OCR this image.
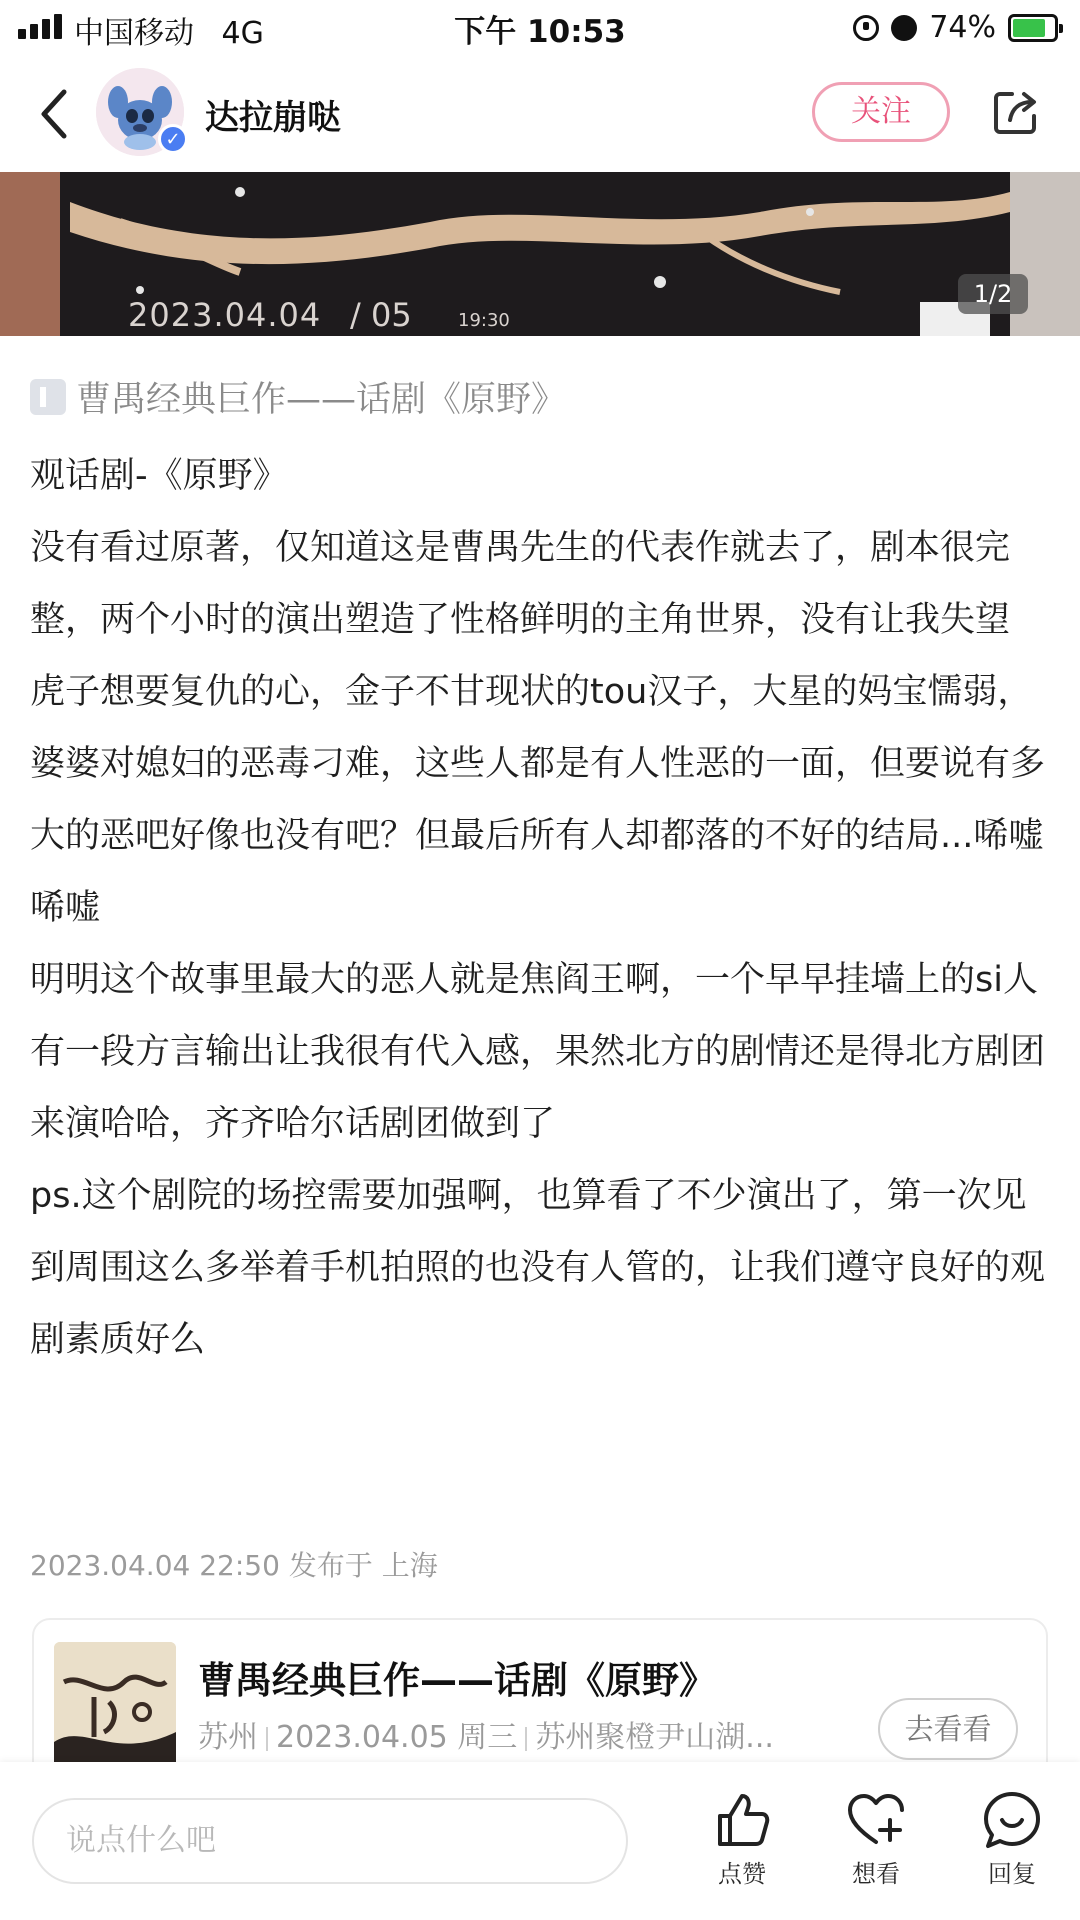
中国移动 4G	下午 10:53	74%
✓
达拉崩哒	关注
2023.04.04 / 05	19:30
1/2
曹禺经典巨作——话剧《原野》

观话剧-《原野》

没有看过原著，仅知道这是曹禺先生的代表作就去了，剧本很完整，两个小时的演出塑造了性格鲜明的主角世界，没有让我失望

虎子想要复仇的心，金子不甘现状的tou汉子，大星的妈宝懦弱，婆婆对媳妇的恶毒刁难，这些人都是有人性恶的一面，但要说有多大的恶吧好像也没有吧？但最后所有人却都落的不好的结局...唏嘘唏嘘

明明这个故事里最大的恶人就是焦阎王啊，一个早早挂墙上的si人

有一段方言输出让我很有代入感，果然北方的剧情还是得北方剧团来演哈哈，齐齐哈尔话剧团做到了

ps.这个剧院的场控需要加强啊，也算看了不少演出了，第一次见到周围这么多举着手机拍照的也没有人管的，让我们遵守良好的观剧素质好么

2023.04.04 22:50 发布于 上海
曹禺经典巨作——话剧《原野》
苏州 2023.04.05 周三 苏州聚橙尹山湖...	去看看
说点什么吧
点赞	想看	回复
